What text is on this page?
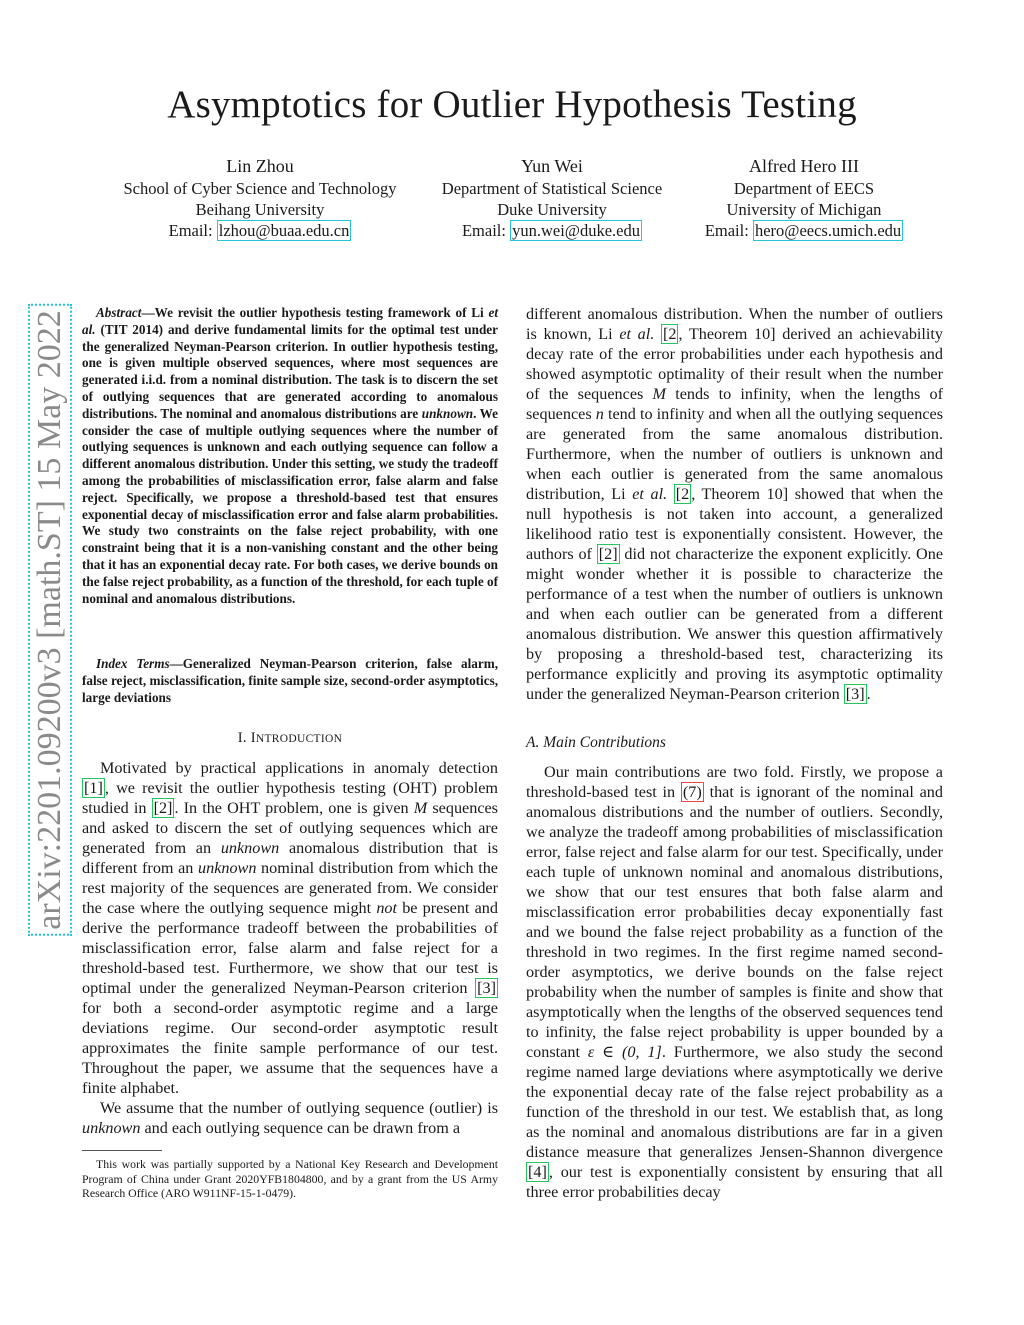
Asymptotics for Outlier Hypothesis Testing
Lin Zhou
School of Cyber Science and Technology
Beihang University
Email: lzhou@buaa.edu.cn
Yun Wei
Department of Statistical Science
Duke University
Email: yun.wei@duke.edu
Alfred Hero III
Department of EECS
University of Michigan
Email: hero@eecs.umich.edu
arXiv:2201.09200v3 [math.ST] 15 May 2022	Abstract—We revisit the outlier hypothesis testing framework of Li et al. (TIT 2014) and derive fundamental limits for the optimal test under the generalized Neyman-Pearson criterion. In outlier hypothesis testing, one is given multiple observed sequences, where most sequences are generated i.i.d. from a nominal distribution. The task is to discern the set of outlying sequences that are generated according to anomalous distributions. The nominal and anomalous distributions are unknown. We consider the case of multiple outlying sequences where the number of outlying sequences is unknown and each outlying sequence can follow a different anomalous distribution. Under this setting, we study the tradeoff among the probabilities of misclassification error, false alarm and false reject. Specifically, we propose a threshold-based test that ensures exponential decay of misclassification error and false alarm probabilities. We study two constraints on the false reject probability, with one constraint being that it is a non-vanishing constant and the other being that it has an exponential decay rate. For both cases, we derive bounds on the false reject probability, as a function of the threshold, for each tuple of nominal and anomalous distributions.

Index Terms—Generalized Neyman-Pearson criterion, false alarm, false reject, misclassification, finite sample size, second-order asymptotics, large deviations

I. INTRODUCTION

Motivated by practical applications in anomaly detection [1] , we revisit the outlier hypothesis testing (OHT) problem studied in [2] . In the OHT problem, one is given M sequences and asked to discern the set of outlying sequences which are generated from an unknown anomalous distribution that is different from an unknown nominal distribution from which the rest majority of the sequences are generated from. We consider the case where the outlying sequence might not be present and derive the performance tradeoff between the probabilities of misclassification error, false alarm and false reject for a threshold-based test. Furthermore, we show that our test is optimal under the generalized Neyman-Pearson criterion [3] for both a second-order asymptotic regime and a large deviations regime. Our second-order asymptotic result approximates the finite sample performance of our test. Throughout the paper, we assume that the sequences have a finite alphabet.

We assume that the number of outlying sequence (outlier) is unknown and each outlying sequence can be drawn from a

This work was partially supported by a National Key Research and Development Program of China under Grant 2020YFB1804800, and by a grant from the US Army Research Office (ARO W911NF-15-1-0479).

different anomalous distribution. When the number of outliers is known, Li et al. [2 , Theorem 10] derived an achievability decay rate of the error probabilities under each hypothesis and showed asymptotic optimality of their result when the number of the sequences M tends to infinity, when the lengths of sequences n tend to infinity and when all the outlying sequences are generated from the same anomalous distribution. Furthermore, when the number of outliers is unknown and when each outlier is generated from the same anomalous distribution, Li et al. [2 , Theorem 10] showed that when the null hypothesis is not taken into account, a generalized likelihood ratio test is exponentially consistent. However, the authors of [2] did not characterize the exponent explicitly. One might wonder whether it is possible to characterize the performance of a test when the number of outliers is unknown and when each outlier can be generated from a different anomalous distribution. We answer this question affirmatively by proposing a threshold-based test, characterizing its performance explicitly and proving its asymptotic optimality under the generalized Neyman-Pearson criterion [3] .

A. Main Contributions

Our main contributions are two fold. Firstly, we propose a threshold-based test in (7) that is ignorant of the nominal and anomalous distributions and the number of outliers. Secondly, we analyze the tradeoff among probabilities of misclassification error, false reject and false alarm for our test. Specifically, under each tuple of unknown nominal and anomalous distributions, we show that our test ensures that both false alarm and misclassification error probabilities decay exponentially fast and we bound the false reject probability as a function of the threshold in two regimes. In the first regime named second-order asymptotics, we derive bounds on the false reject probability when the number of samples is finite and show that asymptotically when the lengths of the observed sequences tend to infinity, the false reject probability is upper bounded by a constant ε ∈ (0, 1]. Furthermore, we also study the second regime named large deviations where asymptotically we derive the exponential decay rate of the false reject probability as a function of the threshold in our test. We establish that, as long as the nominal and anomalous distributions are far in a given distance measure that generalizes Jensen-Shannon divergence [4] , our test is exponentially consistent by ensuring that all three error probabilities decay
